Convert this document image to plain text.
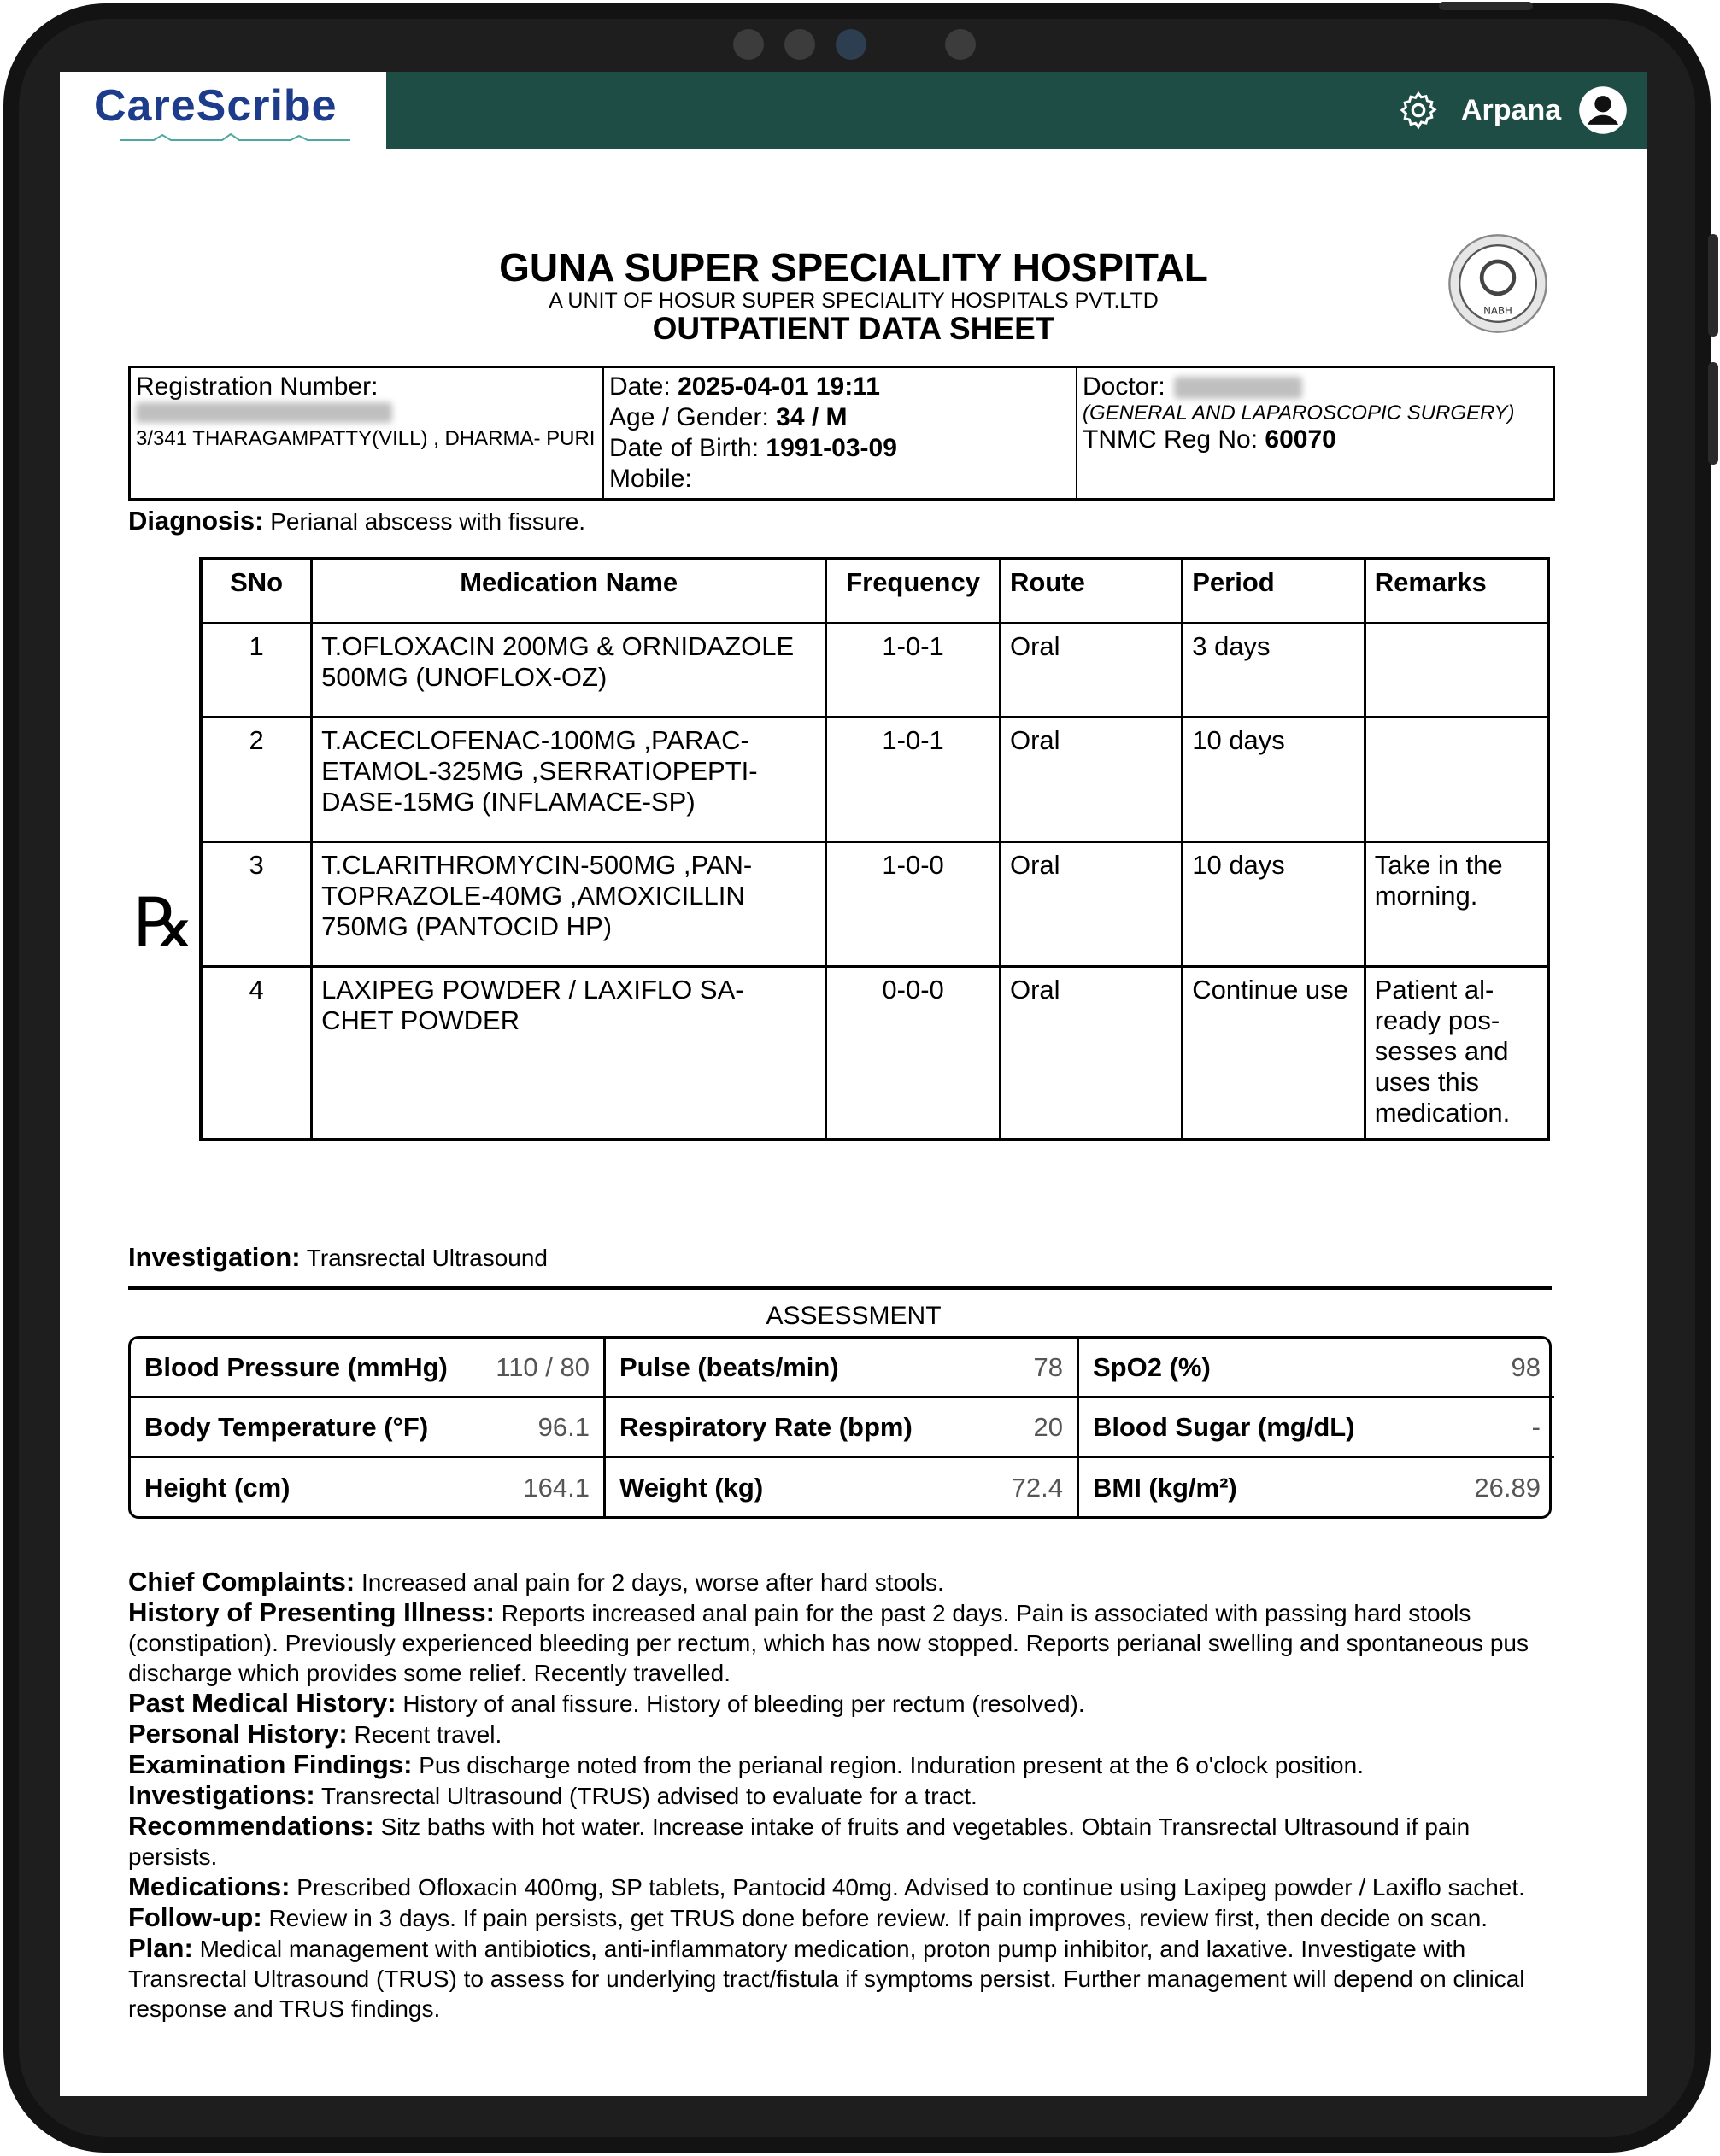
CareScribe	Arpana
GUNA SUPER SPECIALITY HOSPITAL
A UNIT OF HOSUR SUPER SPECIALITY HOSPITALS PVT.LTD
OUTPATIENT DATA SHEET
NABH
Registration Number:
3/341 THARAGAMPATTY(VILL) , DHARMA- PURI
Date: 2025-04-01 19:11
Age / Gender: 34 / M
Date of Birth: 1991-03-09
Mobile:
Doctor:
(GENERAL AND LAPAROSCOPIC SURGERY)
TNMC Reg No: 60070
Diagnosis: Perianal abscess with fissure.
℞
SNo	Medication Name	Frequency	Route	Period	Remarks
1	T.OFLOXACIN 200MG & ORNIDAZOLE 500MG (UNOFLOX-OZ)	1-0-1	Oral	3 days	
2	T.ACECLOFENAC-100MG ,PARAC- ETAMOL-325MG ,SERRATIOPEPTI- DASE-15MG (INFLAMACE-SP)	1-0-1	Oral	10 days	
3	T.CLARITHROMYCIN-500MG ,PAN- TOPRAZOLE-40MG ,AMOXICILLIN 750MG (PANTOCID HP)	1-0-0	Oral	10 days	Take in the morning.
4	LAXIPEG POWDER / LAXIFLO SA- CHET POWDER	0-0-0	Oral	Continue use	Patient al- ready pos- sesses and uses this medication.
Investigation: Transrectal Ultrasound
ASSESSMENT
Blood Pressure (mmHg) 110 / 80 Pulse (beats/min)	78 SpO2 (%)	98
Body Temperature (°F)	96.1 Respiratory Rate (bpm)	20 Blood Sugar (mg/dL)	-
Height (cm)	164.1 Weight (kg)	72.4 BMI (kg/m²)	26.89

Chief Complaints: Increased anal pain for 2 days, worse after hard stools.

History of Presenting Illness: Reports increased anal pain for the past 2 days. Pain is associated with passing hard stools (constipation). Previously experienced bleeding per rectum, which has now stopped. Reports perianal swelling and spontaneous pus discharge which provides some relief. Recently travelled.

Past Medical History: History of anal fissure. History of bleeding per rectum (resolved).

Personal History: Recent travel.

Examination Findings: Pus discharge noted from the perianal region. Induration present at the 6 o'clock position.

Investigations: Transrectal Ultrasound (TRUS) advised to evaluate for a tract.

Recommendations: Sitz baths with hot water. Increase intake of fruits and vegetables. Obtain Transrectal Ultrasound if pain persists.

Medications: Prescribed Ofloxacin 400mg, SP tablets, Pantocid 40mg. Advised to continue using Laxipeg powder / Laxiflo sachet.

Follow-up: Review in 3 days. If pain persists, get TRUS done before review. If pain improves, review first, then decide on scan.

Plan: Medical management with antibiotics, anti-inflammatory medication, proton pump inhibitor, and laxative. Investigate with Transrectal Ultrasound (TRUS) to assess for underlying tract/fistula if symptoms persist. Further management will depend on clinical response and TRUS findings.
